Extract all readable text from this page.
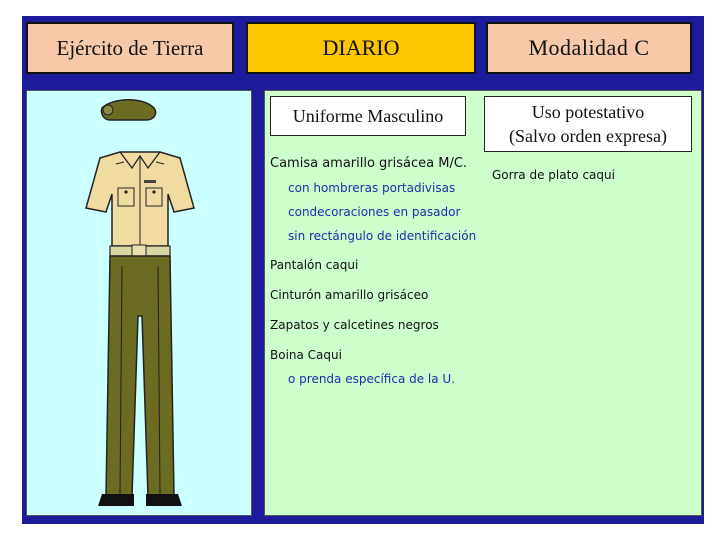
Ejército de Tierra	DIARIO	Modalidad C
Uniforme Masculino	Uso potestativo
(Salvo orden expresa)
Gorra de plato caqui
Camisa amarillo grisácea M/C.
con hombreras portadivisas
condecoraciones en pasador
sin rectángulo de identificación
Pantalón caqui
Cinturón amarillo grisáceo
Zapatos y calcetines negros
Boina Caqui
o prenda específica de la U.
